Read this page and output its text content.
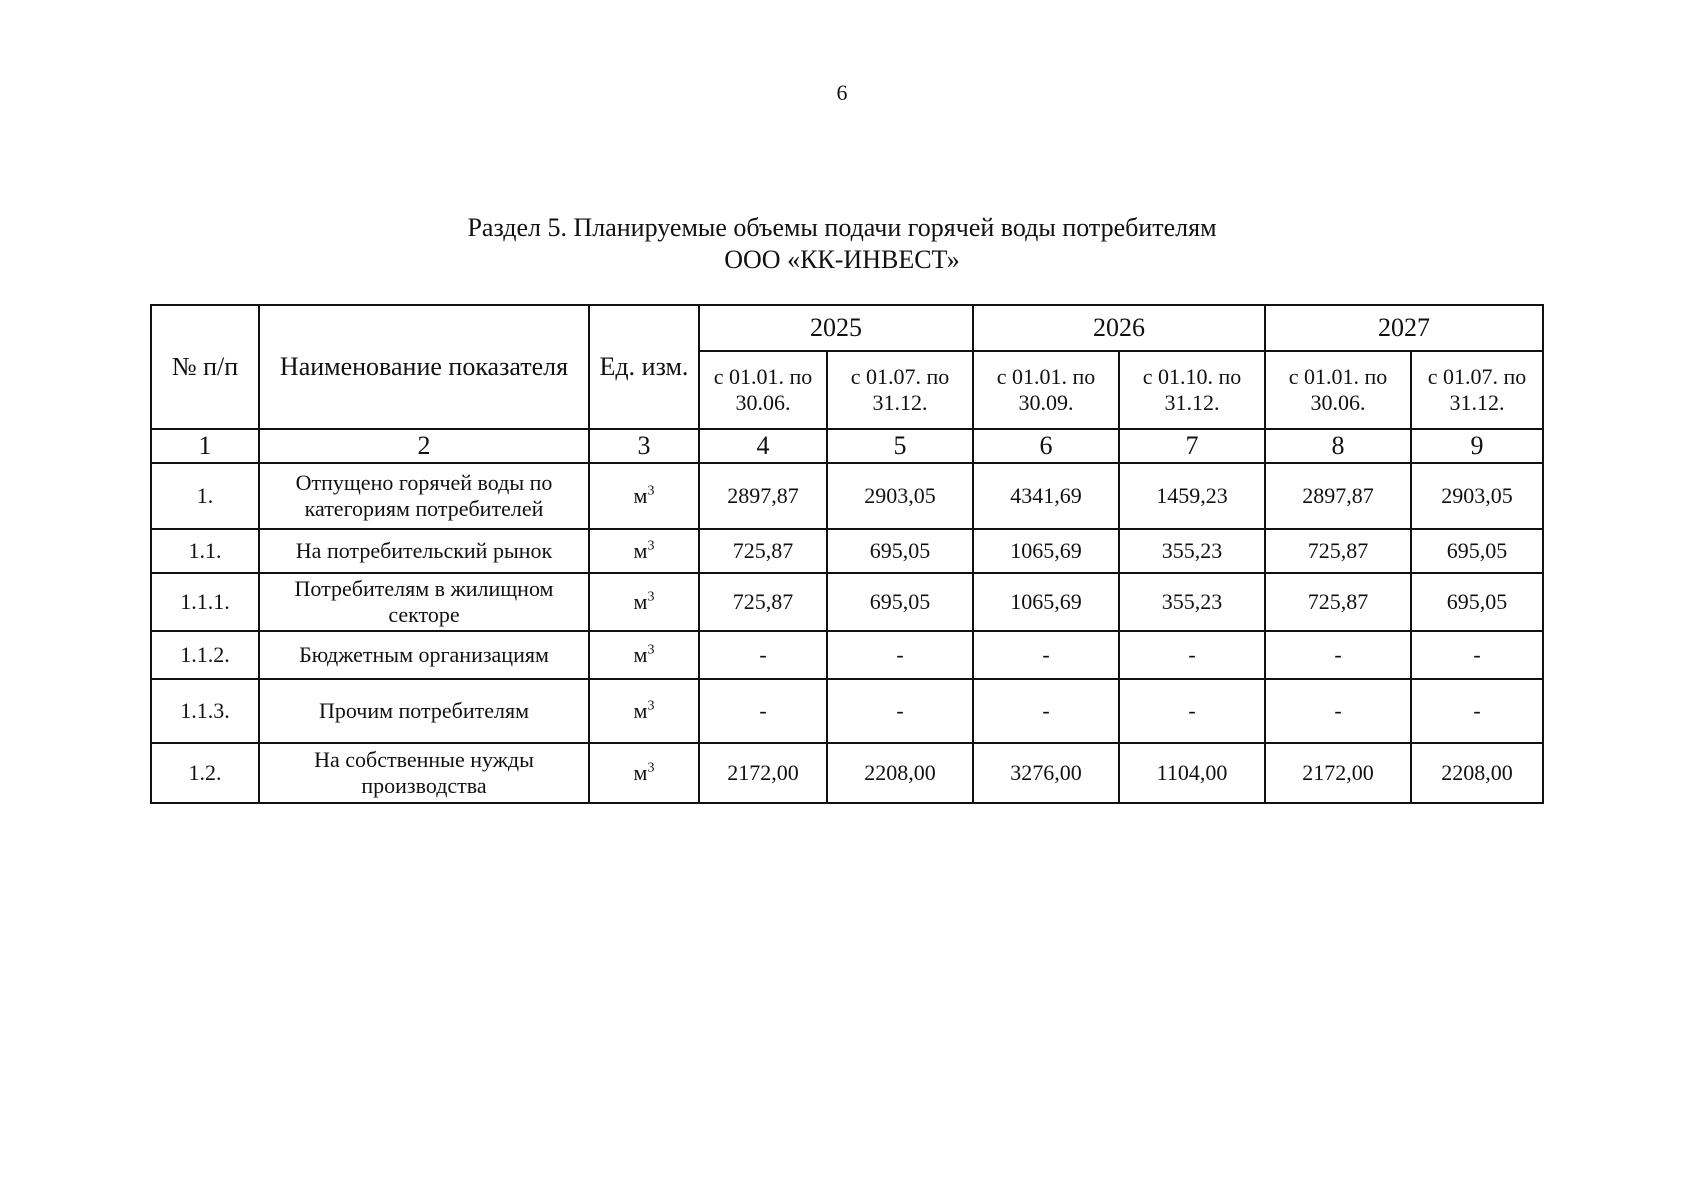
6
Раздел 5. Планируемые объемы подачи горячей воды потребителям
ООО «КК-ИНВЕСТ»
№ п/п	Наименование показателя	Ед. изм.	2025		2026		2027	
			с 01.01. по 30.06.	с 01.07. по 31.12.	с 01.01. по 30.09.	с 01.10. по 31.12.	с 01.01. по 30.06.	с 01.07. по 31.12.
1	2	3	4	5	6	7	8	9
1.	Отпущено горячей воды по категориям потребителей	$м^3$	2897,87	2903,05	4341,69	1459,23	2897,87	2903,05
1.1.	На потребительский рынок	$м^3$	725,87	695,05	1065,69	355,23	725,87	695,05
1.1.1.	Потребителям в жилищном секторе	$м^3$	725,87	695,05	1065,69	355,23	725,87	695,05
1.1.2.	Бюджетным организациям	$м^3$	-	-	-	-	-	-
1.1.3.	Прочим потребителям	$м^3$	-	-	-	-	-	-
1.2.	На собственные нужды производства	$м^3$	2172,00	2208,00	3276,00	1104,00	2172,00	2208,00
